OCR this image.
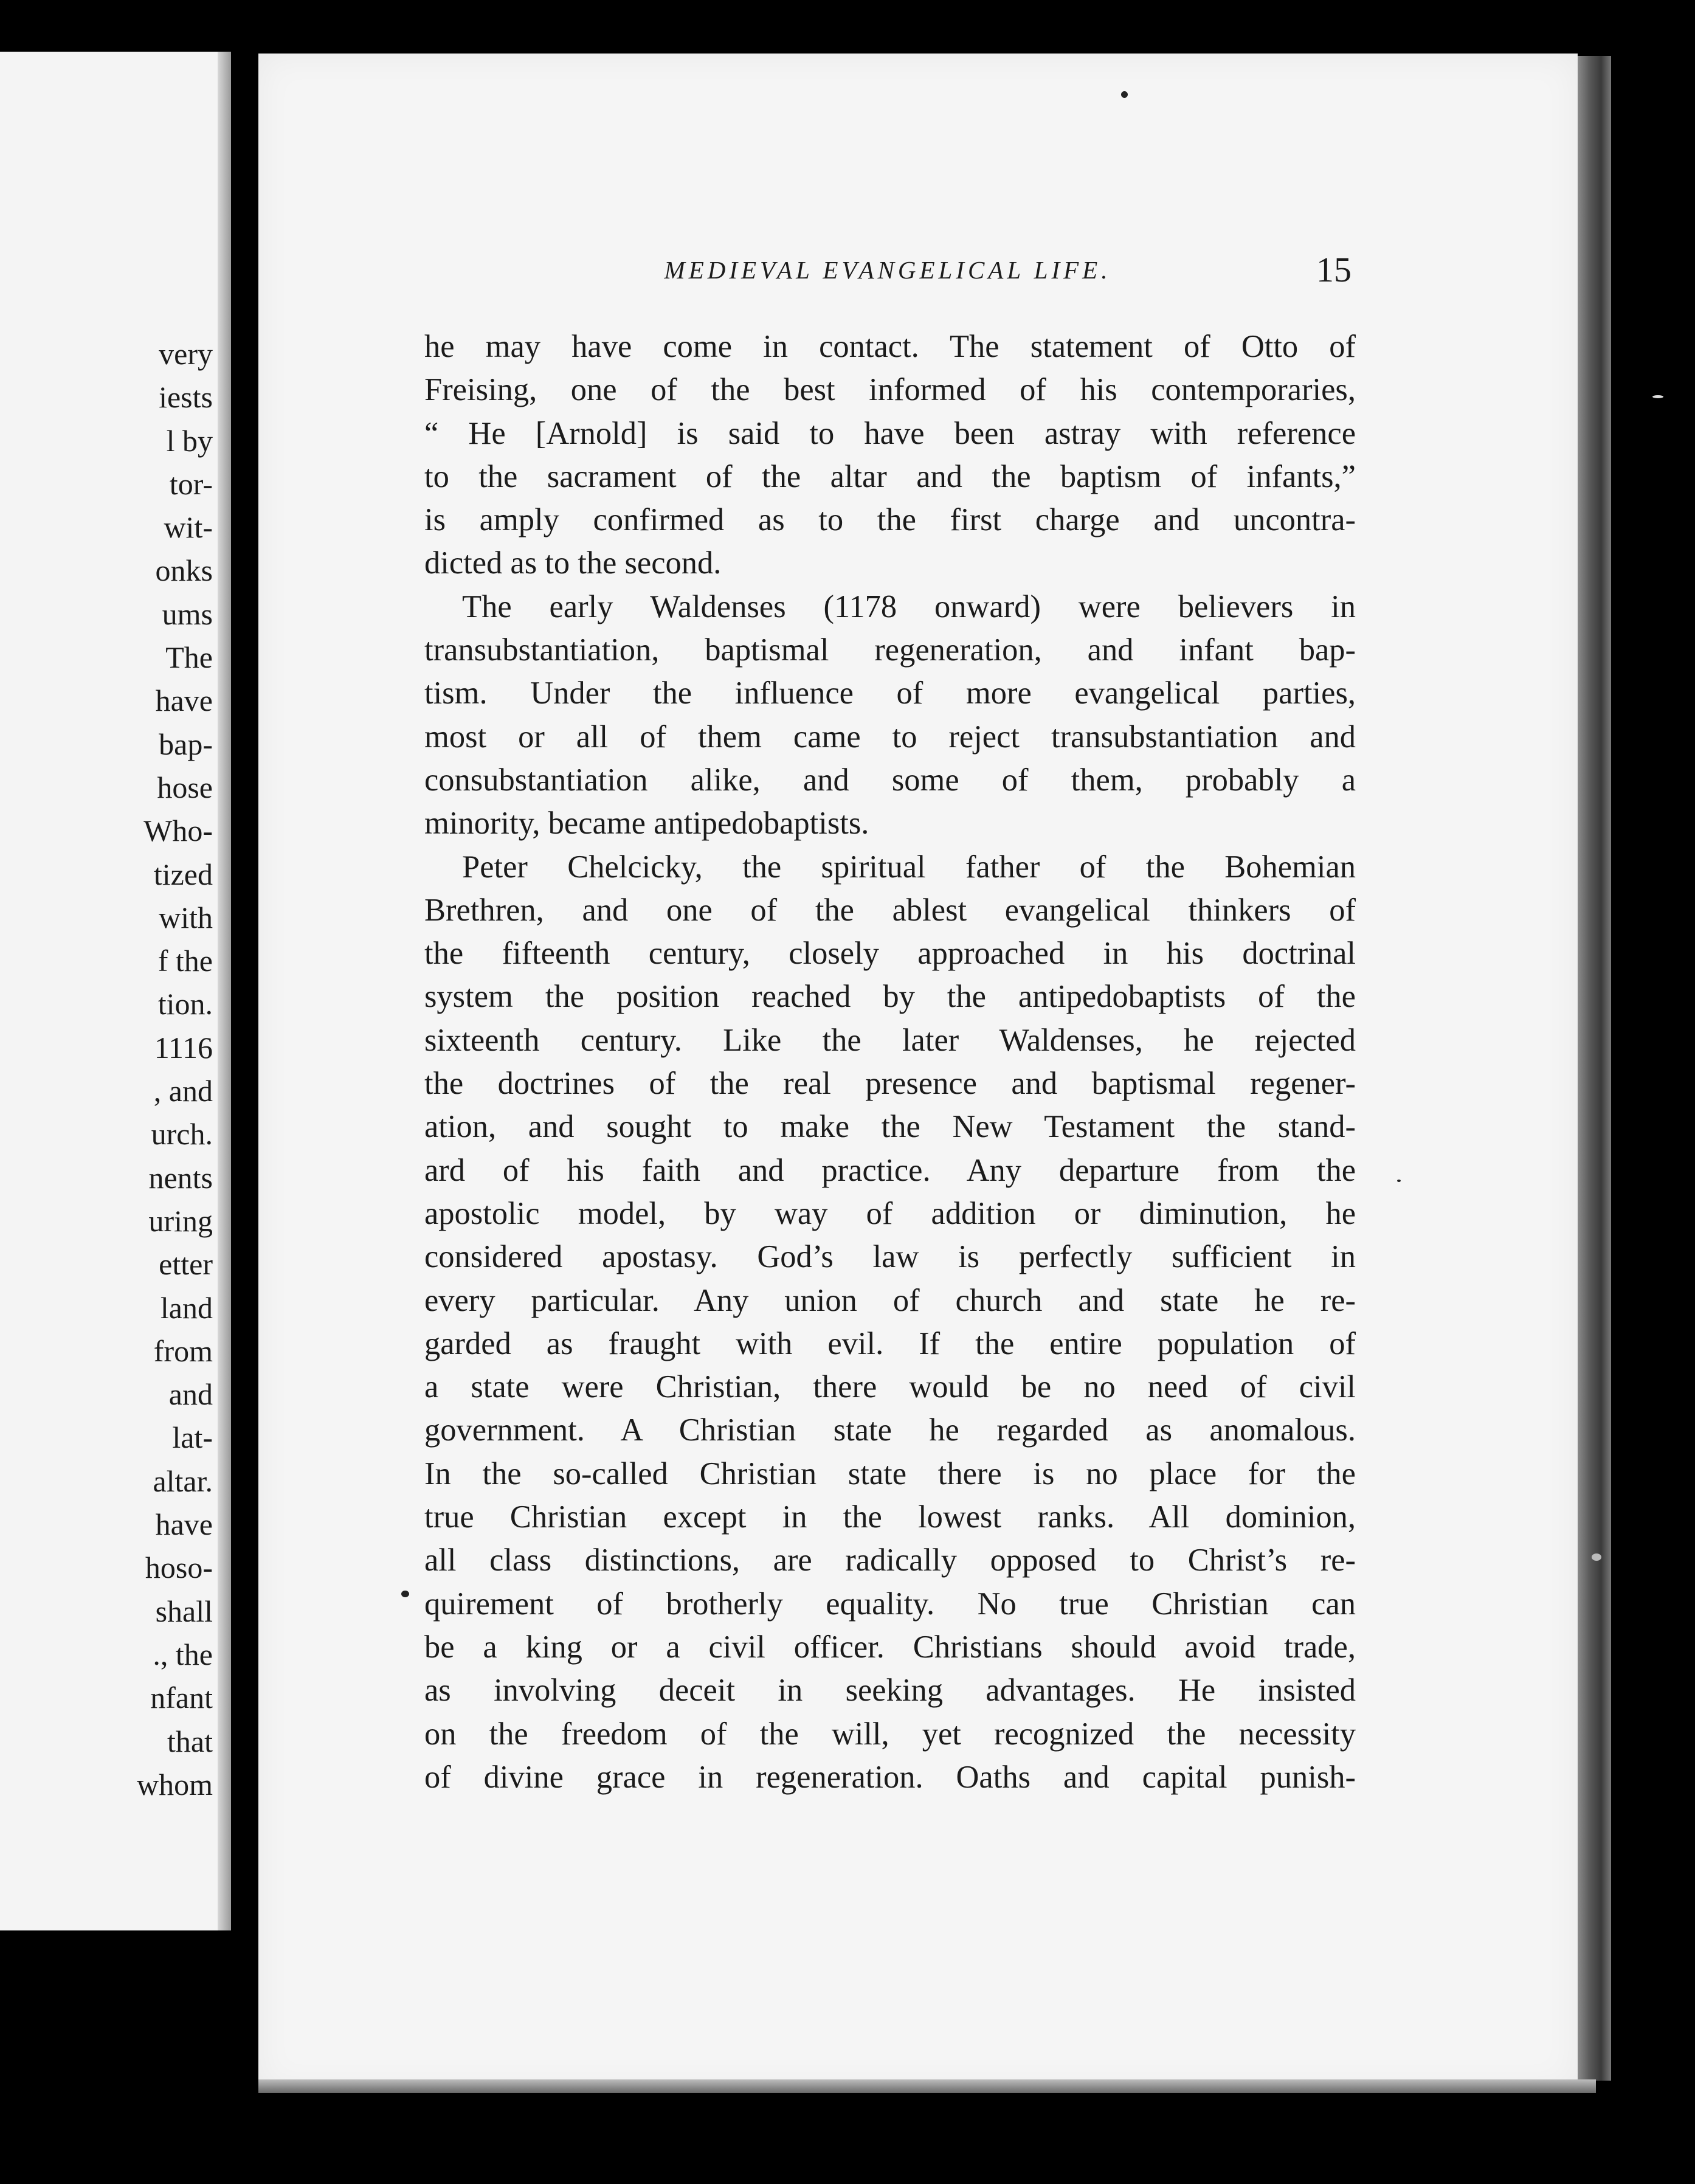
very
iests
l by
tor-
wit-
onks
ums
The
have
bap-
hose
Who-
tized
with
f the
tion.
1116
, and
urch.
nents
uring
etter
land
from
and
lat-
altar.
have
hoso-
shall
., the
nfant
that
whom
MEDIEVAL EVANGELICAL LIFE.	15
he may have come in contact. The statement of Otto of
Freising, one of the best informed of his contemporaries,
“ He [Arnold] is said to have been astray with reference
to the sacrament of the altar and the baptism of infants,”
is amply confirmed as to the first charge and uncontra-
dicted as to the second.
The early Waldenses (1178 onward) were believers in
transubstantiation, baptismal regeneration, and infant bap-
tism. Under the influence of more evangelical parties,
most or all of them came to reject transubstantiation and
consubstantiation alike, and some of them, probably a
minority, became antipedobaptists.
Peter Chelcicky, the spiritual father of the Bohemian
Brethren, and one of the ablest evangelical thinkers of
the fifteenth century, closely approached in his doctrinal
system the position reached by the antipedobaptists of the
sixteenth century. Like the later Waldenses, he rejected
the doctrines of the real presence and baptismal regener-
ation, and sought to make the New Testament the stand-
ard of his faith and practice. Any departure from the
apostolic model, by way of addition or diminution, he
considered apostasy. God’s law is perfectly sufficient in
every particular. Any union of church and state he re-
garded as fraught with evil. If the entire population of
a state were Christian, there would be no need of civil
government. A Christian state he regarded as anomalous.
In the so-called Christian state there is no place for the
true Christian except in the lowest ranks. All dominion,
all class distinctions, are radically opposed to Christ’s re-
quirement of brotherly equality. No true Christian can
be a king or a civil officer. Christians should avoid trade,
as involving deceit in seeking advantages. He insisted
on the freedom of the will, yet recognized the necessity
of divine grace in regeneration. Oaths and capital punish-
